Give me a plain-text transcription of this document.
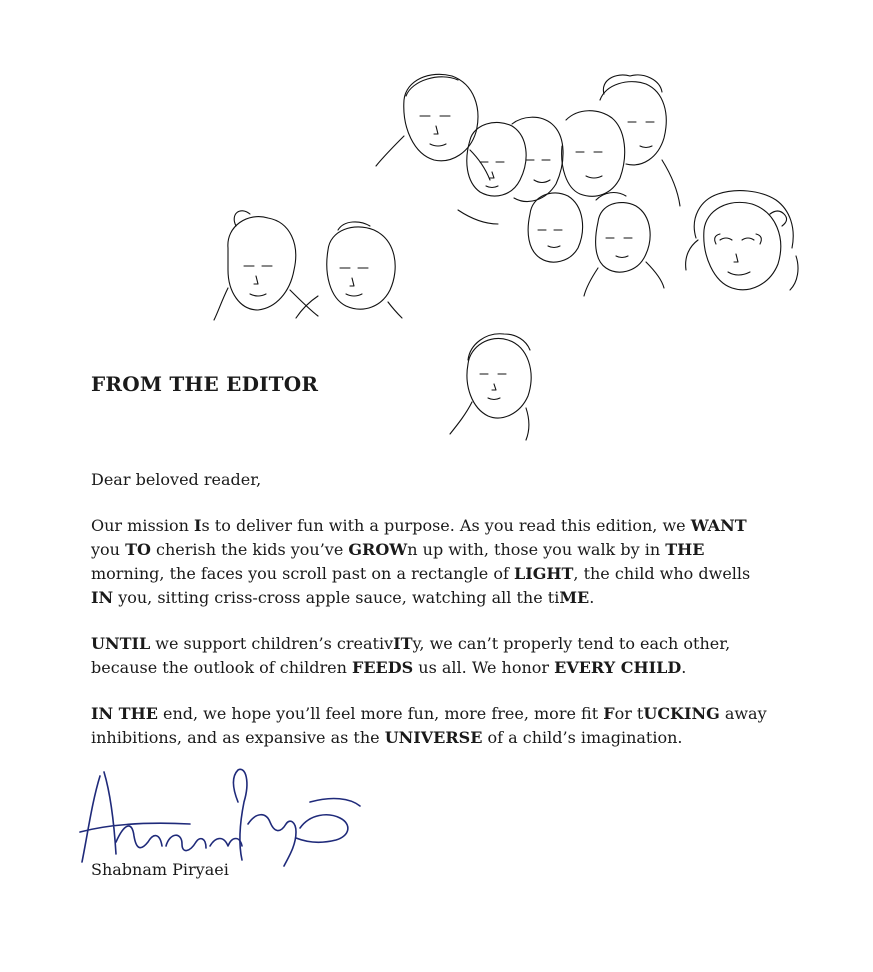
FROM THE EDITOR

Dear beloved reader,

Our mission Is to deliver fun with a purpose. As you read this edition, we WANT you TO cherish the kids you’ve GROWn up with, those you walk by in THE morning, the faces you scroll past on a rectangle of LIGHT, the child who dwells IN you, sitting criss-cross apple sauce, watching all the tiME.

UNTIL we support children’s creativITy, we can’t properly tend to each other, because the outlook of children FEEDS us all. We honor EVERY CHILD.

IN THE end, we hope you’ll feel more fun, more free, more fit For tUCKING away inhibitions, and as expansive as the UNIVERSE of a child’s imagination.

Shabnam Piryaei
